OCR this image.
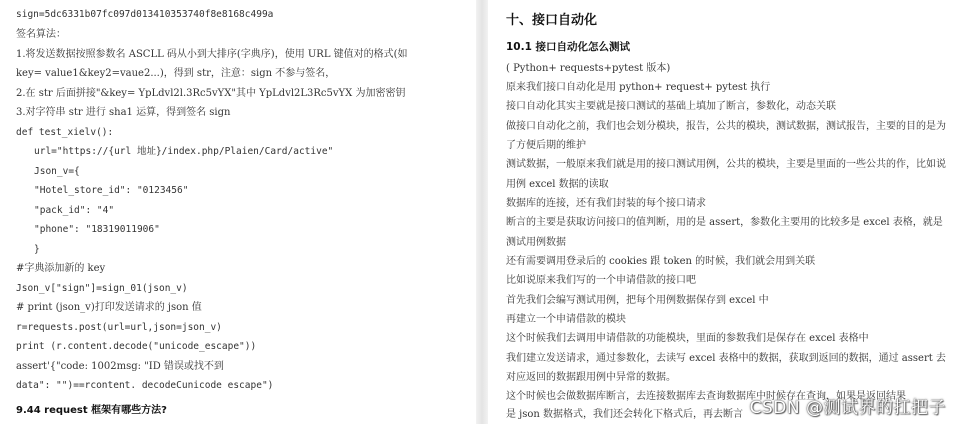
sign=5dc6331b07fc097d013410353740f8e8168c499a
签名算法：
1.将发送数据按照参数名 ASCLL 码从小到大排序(字典序)，使用 URL 键值对的格式(如
key= value1&key2=vaue2...)，得到 str，注意：sign 不参与签名，
2.在 str 后面拼接"&key= YpLdvl2l.3Rc5vYX"其中 YpLdvl2L3Rc5vYX 为加密密钥
3.对字符串 str 进行 sha1 运算，得到签名 sign
def test_xielv():
url="https://{url 地址}/index.php/Plaien/Card/active"
Json_v={
"Hotel_store_id": "0123456"
"pack_id": "4"
"phone": "18319011906"
}
#字典添加新的 key
Json_v["sign"]=sign_01(json_v)
# print (json_v)打印发送请求的 json 值
r=requests.post(url=url,json=json_v)
print (r.content.decode("unicode_escape"))
assert'{"code: 1002msg: "ID 错误或找不到
data": "")==rcontent. decodeCunicode escape")
9.44 request 框架有哪些方法?
十、接口自动化
10.1 接口自动化怎么测试
( Python+ requests+pytest 版本)
原来我们接口自动化是用 python+ request+ pytest 执行
接口自动化其实主要就是接口测试的基础上填加了断言，参数化，动态关联
做接口自动化之前，我们也会划分模块，报告，公共的模块，测试数据，测试报告，主要的目的是为
了方便后期的维护
测试数据，一般原来我们就是用的接口测试用例，公共的模块，主要是里面的一些公共的作，比如说
用例 excel 数据的读取
数据库的连接，还有我们封装的每个接口请求
断言的主要是获取访问接口的值判断，用的是 assert，参数化主要用的比较多是 excel 表格，就是
测试用例数据
还有需要调用登录后的 cookies 跟 token 的时候，我们就会用到关联
比如说原来我们写的一个申请借款的接口吧
首先我们会编写测试用例，把每个用例数据保存到 excel 中
再建立一个申请借款的模块
这个时候我们去调用申请借款的功能模块，里面的参数我们是保存在 excel 表格中
我们建立发送请求，通过参数化，去读写 excel 表格中的数据，获取到返回的数据，通过 assert 去
对应返回的数据跟用例中异常的数据。
这个时候也会做数据库断言，去连接数据库去查询数据库中时候存在查询，如果是返回结果
是 json 数据格式，我们还会转化下格式后，再去断言 CSDN @测试界的扛把子
